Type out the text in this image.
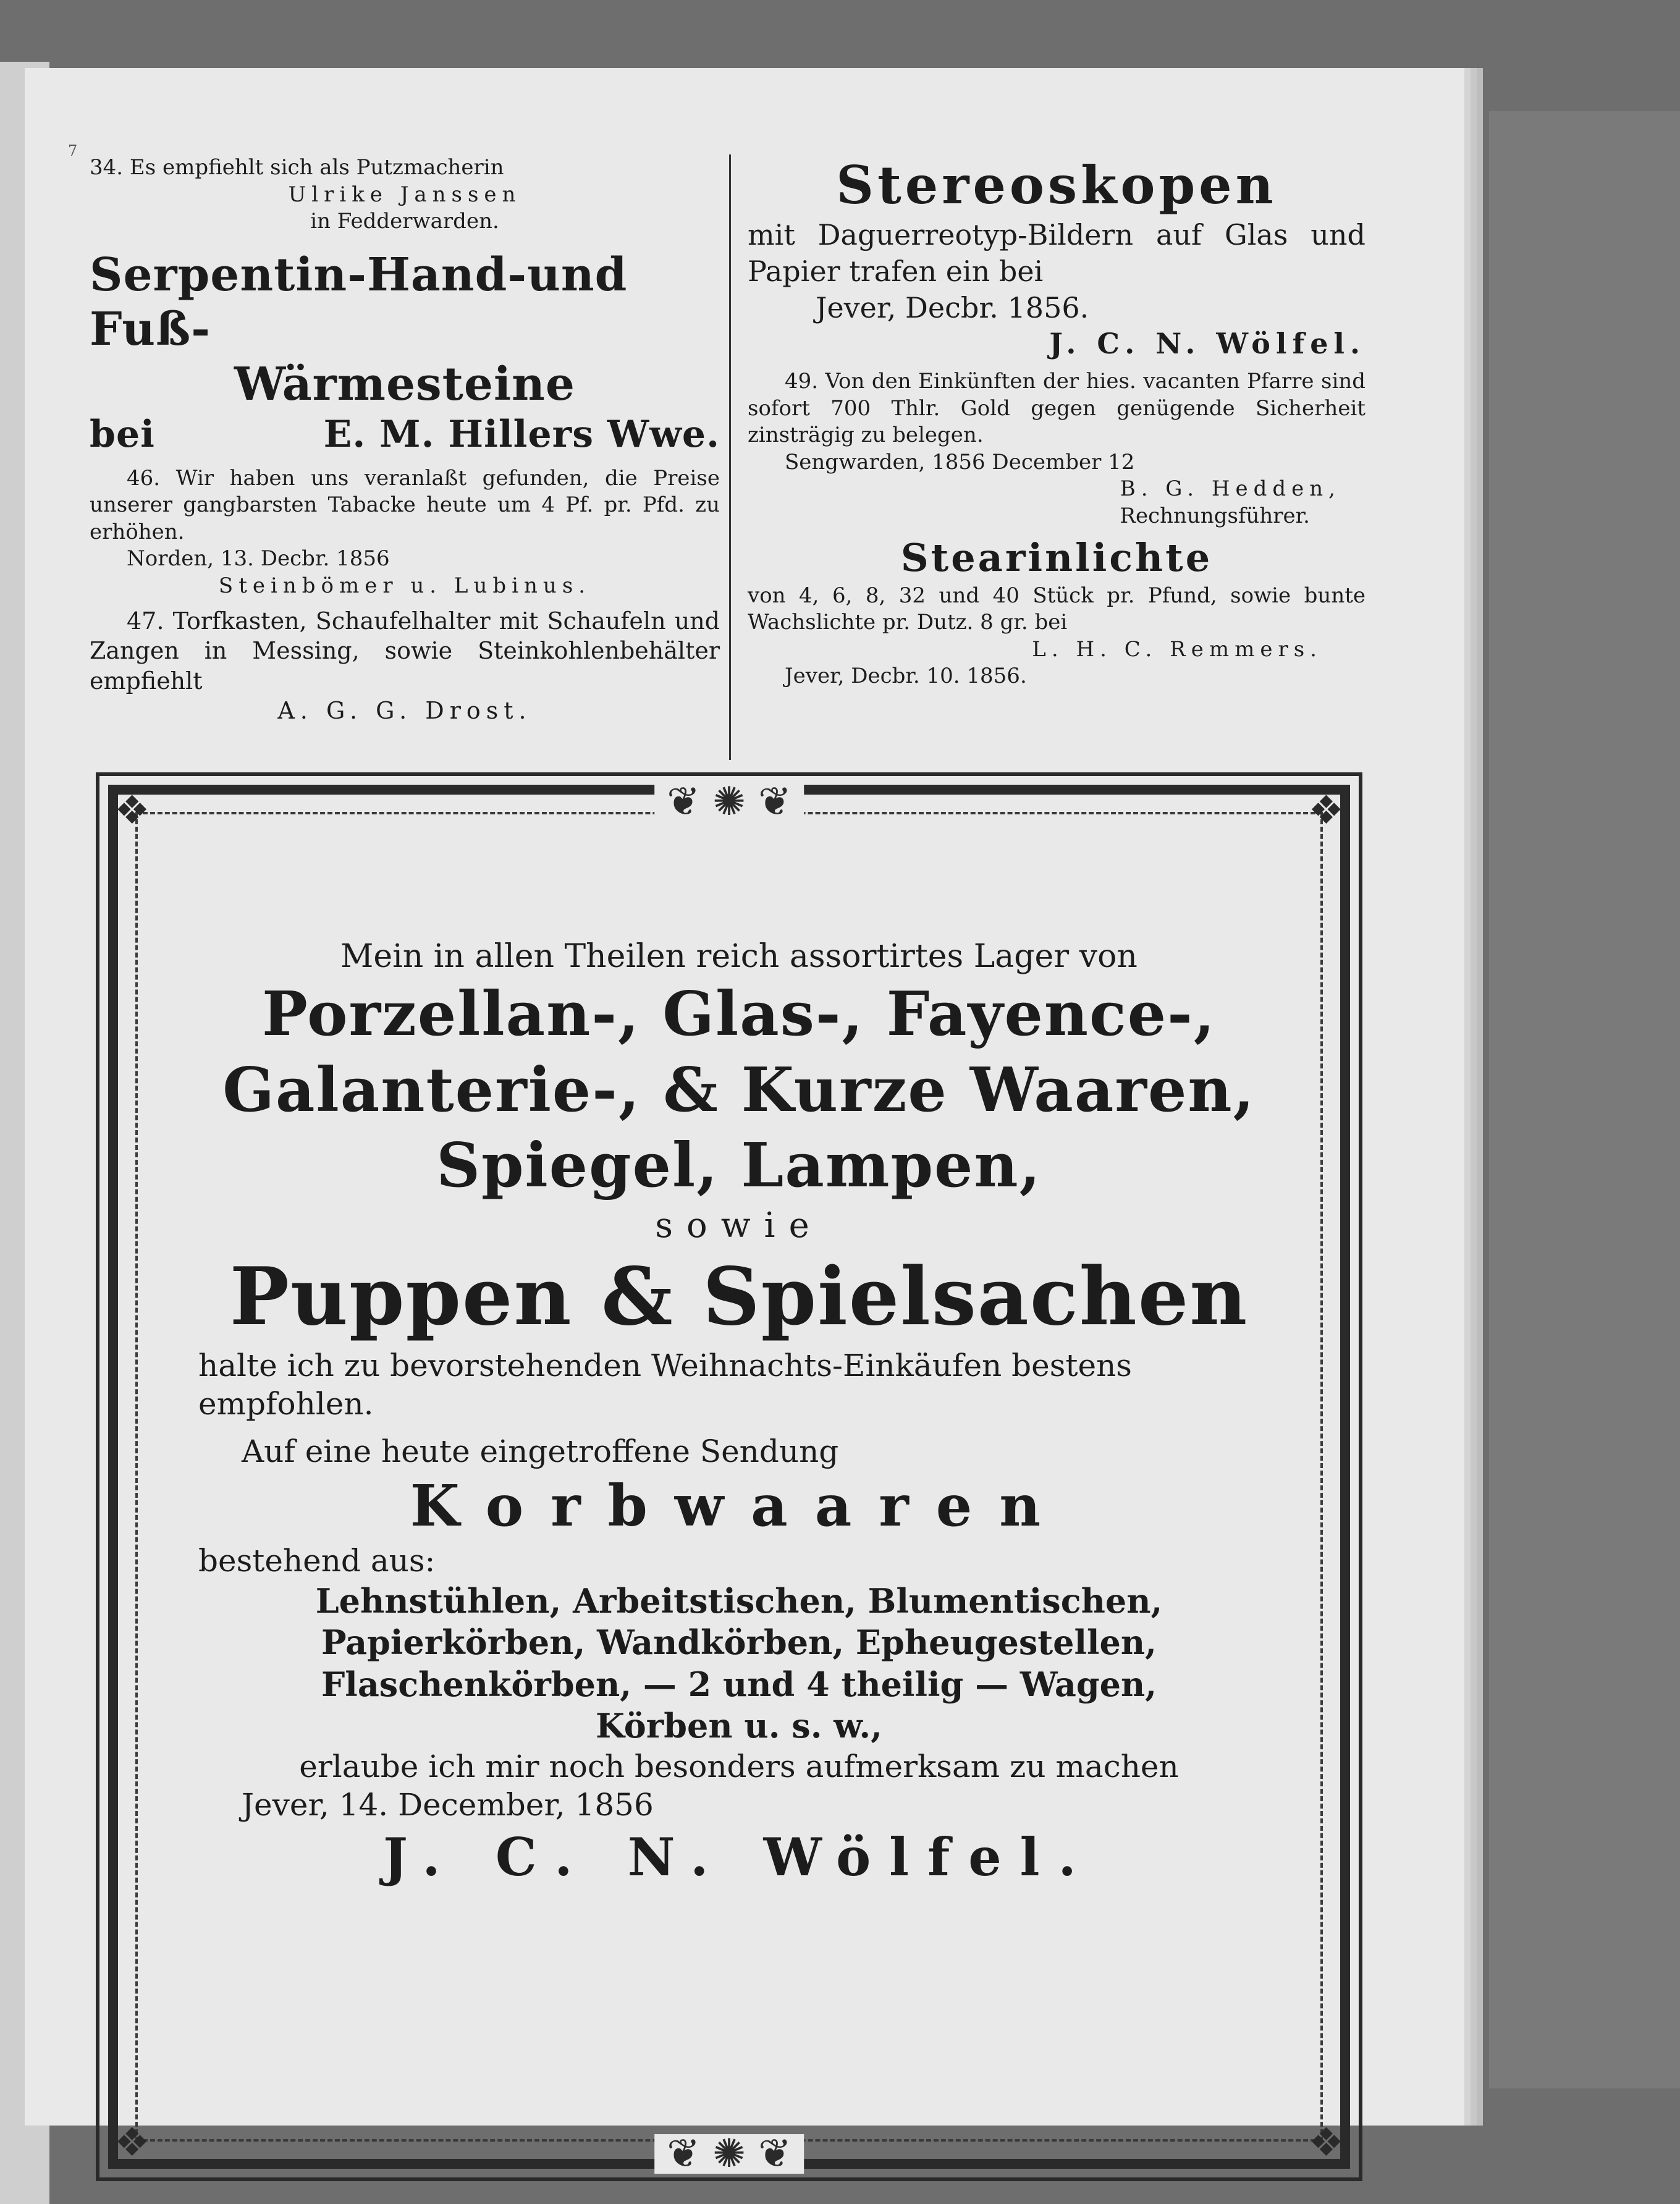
7
34. Es empfiehlt sich als Putzmacherin
Ulrike Janssen
in Fedderwarden.
Serpentin-Hand-und Fuß-
Wärmesteine
bei	E. M. Hillers Wwe.
46. Wir haben uns veranlaßt gefunden, die Preise unserer gangbarsten Tabacke heute um 4 Pf. pr. Pfd. zu erhöhen.
Norden, 13. Decbr. 1856
Steinbömer u. Lubinus.
47. Torfkasten, Schaufelhalter mit Schaufeln und Zangen in Messing, sowie Steinkohlenbehälter empfiehlt
A. G. G. Drost.
Stereoskopen
mit Daguerreotyp-Bildern auf Glas und Papier trafen ein bei
Jever, Decbr. 1856.
J. C. N. Wölfel.
49. Von den Einkünften der hies. vacanten Pfarre sind sofort 700 Thlr. Gold gegen genügende Sicherheit zinsträgig zu belegen.
Sengwarden, 1856 December 12
B. G. Hedden,
Rechnungsführer.
Stearinlichte
von 4, 6, 8, 32 und 40 Stück pr. Pfund, sowie bunte Wachslichte pr. Dutz. 8 gr. bei
L. H. C. Remmers.
Jever, Decbr. 10. 1856.
❦ ✺ ❦
❦ ✺ ❦
❖	❖
❖	❖
Mein in allen Theilen reich assortirtes Lager von
Porzellan-, Glas-, Fayence-,
Galanterie-, & Kurze Waaren,
Spiegel, Lampen,
sowie
Puppen & Spielsachen
halte ich zu bevorstehenden Weihnachts-Einkäufen bestens empfohlen.
Auf eine heute eingetroffene Sendung
Korbwaaren
bestehend aus:
Lehnstühlen, Arbeitstischen, Blumentischen,
Papierkörben, Wandkörben, Epheugestellen,
Flaschenkörben, — 2 und 4 theilig — Wagen,
Körben u. s. w.,
erlaube ich mir noch besonders aufmerksam zu machen
Jever, 14. December, 1856
J. C. N. Wölfel.
